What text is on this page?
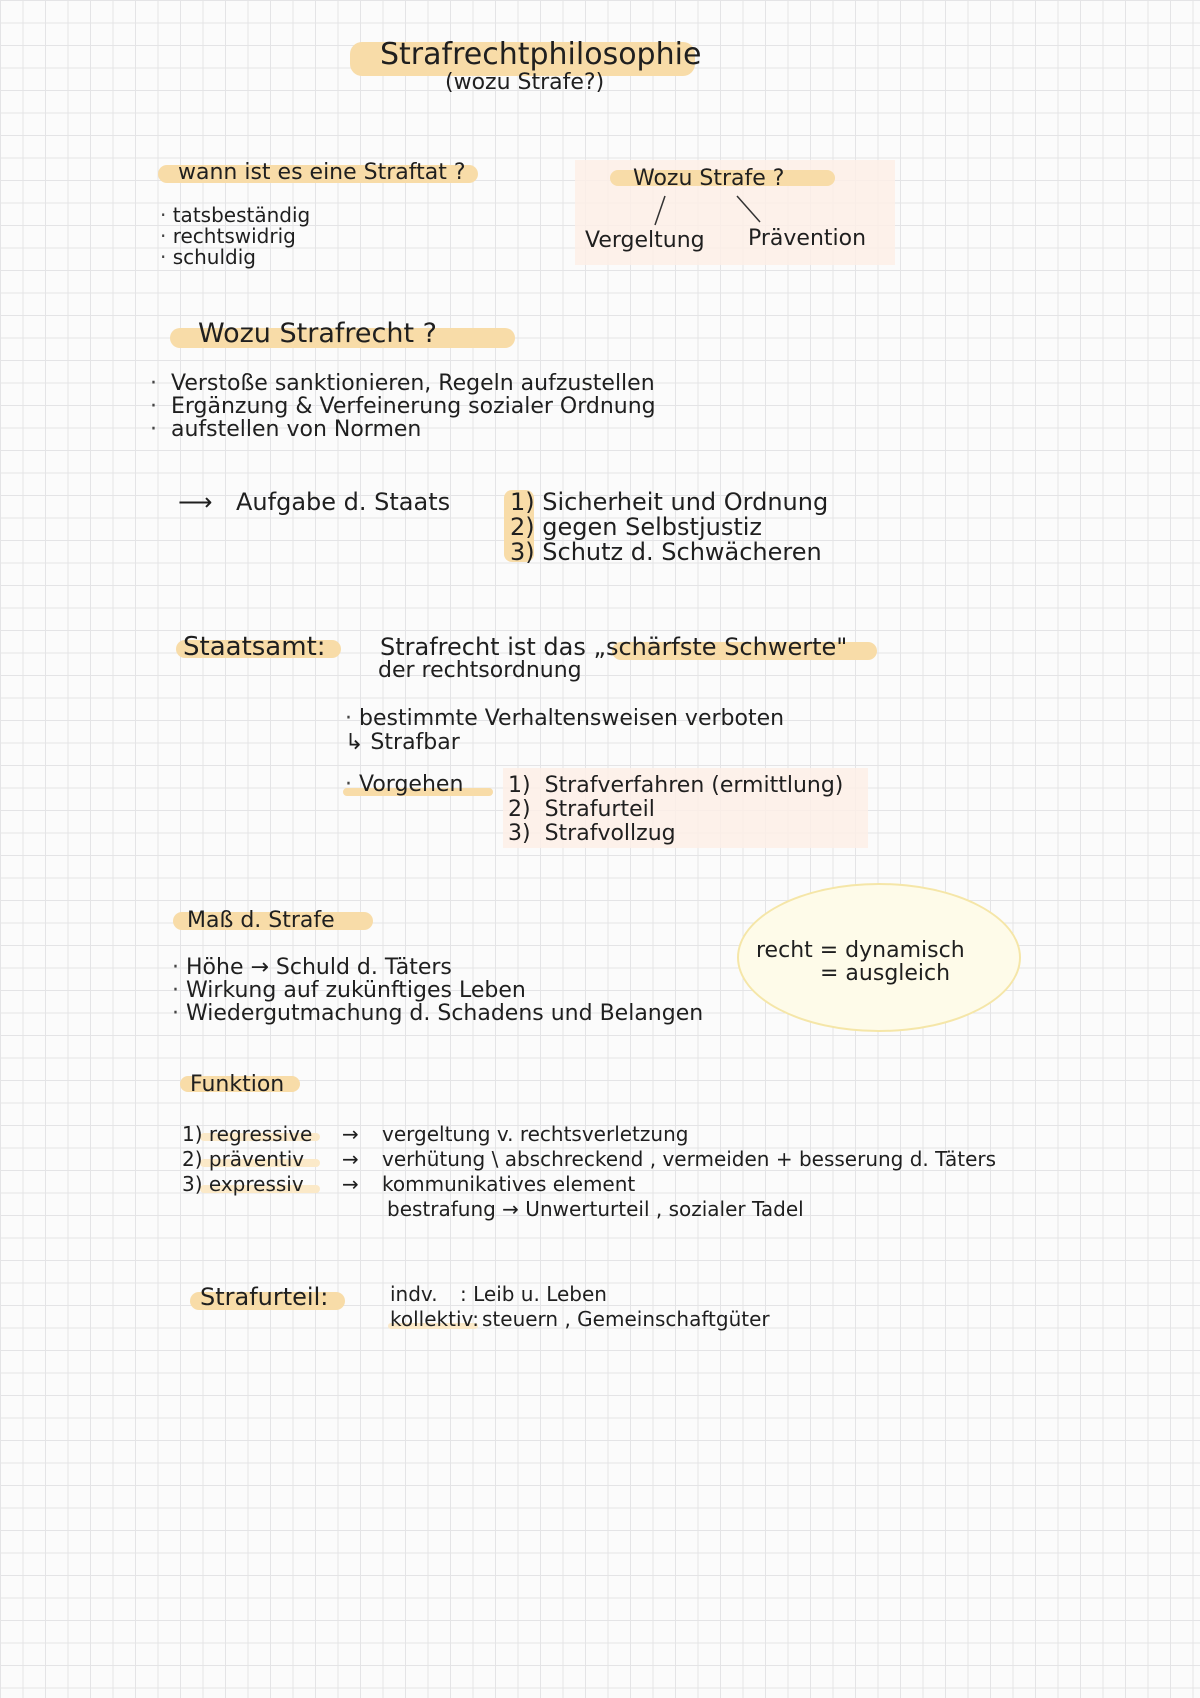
Strafrechtphilosophie
(wozu Strafe?)
wann ist es eine Straftat ?
· tatsbeständig
· rechtswidrig
· schuldig
Wozu Strafe ?
Vergeltung Prävention
Wozu Strafrecht ?
·  Verstoße sanktionieren, Regeln aufzustellen
·  Ergänzung & Verfeinerung sozialer Ordnung
·  aufstellen von Normen
⟶ Aufgabe d. Staats 1) Sicherheit und Ordnung
2) gegen Selbstjustiz
3) Schutz d. Schwächeren
Staatsamt: Strafrecht ist das „schärfste Schwerte"
der rechtsordnung
· bestimmte Verhaltensweisen verboten
↳ Strafbar
· Vorgehen 1) Strafverfahren (ermittlung)
2) Strafurteil
3) Strafvollzug
Maß d. Strafe
· Höhe → Schuld d. Täters
· Wirkung auf zukünftiges Leben
· Wiedergutmachung d. Schadens und Belangen
recht = dynamisch
= ausgleich
Funktion
1) regressive → vergeltung v. rechtsverletzung
2) präventiv → verhütung \ abschreckend , vermeiden + besserung d. Täters
3) expressiv → kommunikatives element
bestrafung → Unwerturteil , sozialer Tadel
Strafurteil:	indv. : Leib u. Leben
kollektiv: steuern , Gemeinschaftgüter
